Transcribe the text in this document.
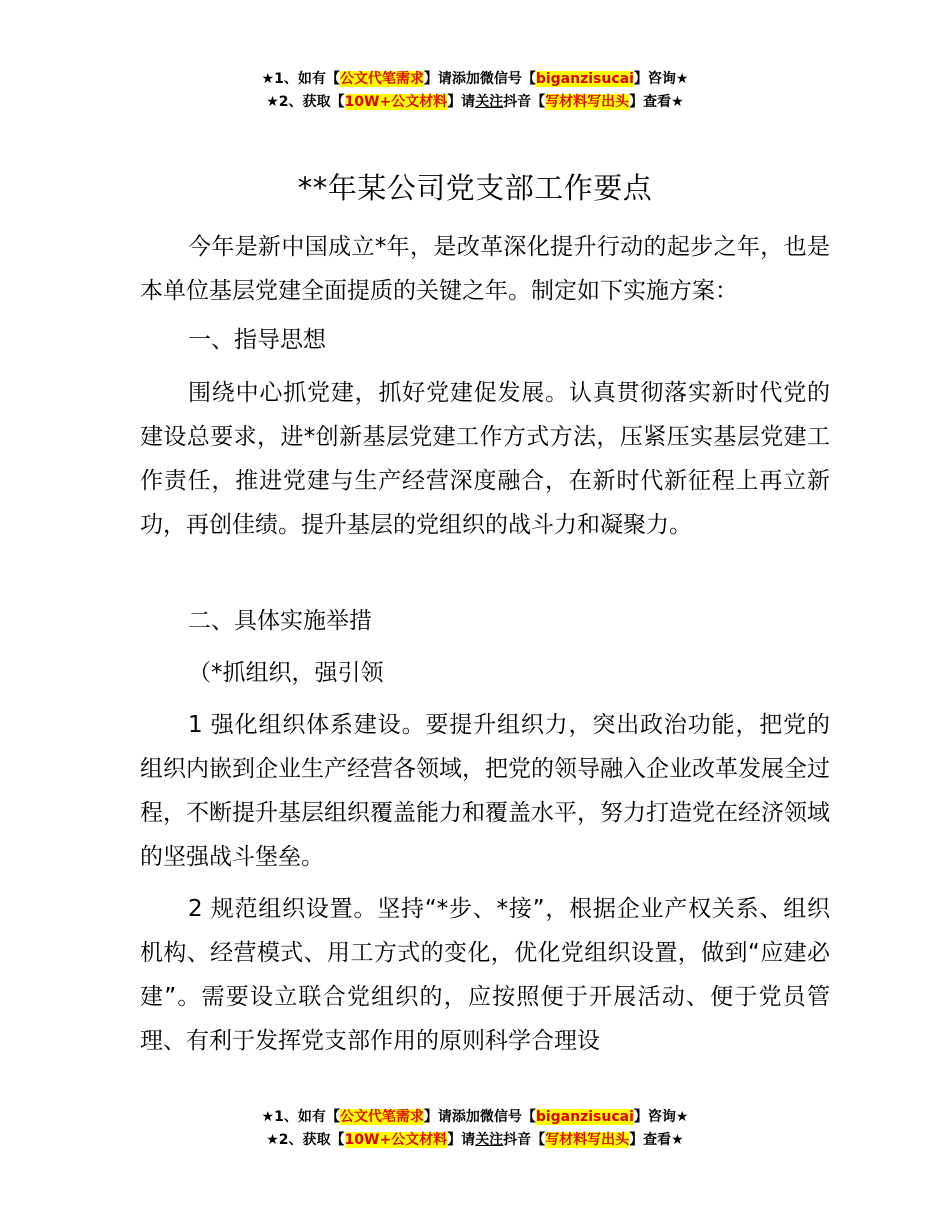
★1、如有【公文代笔需求】请添加微信号【biganzisucai】咨询★
★2、获取【10W+公文材料】请关注抖音【写材料写出头】查看★
**年某公司党支部工作要点
今年是新中国成立*年，是改革深化提升行动的起步之年，也是本单位基层党建全面提质的关键之年。制定如下实施方案：
一、指导思想
围绕中心抓党建，抓好党建促发展。认真贯彻落实新时代党的建设总要求，进*创新基层党建工作方式方法，压紧压实基层党建工作责任，推进党建与生产经营深度融合，在新时代新征程上再立新功，再创佳绩。提升基层的党组织的战斗力和凝聚力。
二、具体实施举措
（*抓组织，强引领
1 强化组织体系建设。要提升组织力，突出政治功能，把党的组织内嵌到企业生产经营各领域，把党的领导融入企业改革发展全过程，不断提升基层组织覆盖能力和覆盖水平，努力打造党在经济领域的坚强战斗堡垒。
2 规范组织设置。坚持“*步、*接”，根据企业产权关系、组织机构、经营模式、用工方式的变化，优化党组织设置，做到“应建必建”。需要设立联合党组织的，应按照便于开展活动、便于党员管理、有利于发挥党支部作用的原则科学合理设
★1、如有【公文代笔需求】请添加微信号【biganzisucai】咨询★
★2、获取【10W+公文材料】请关注抖音【写材料写出头】查看★
